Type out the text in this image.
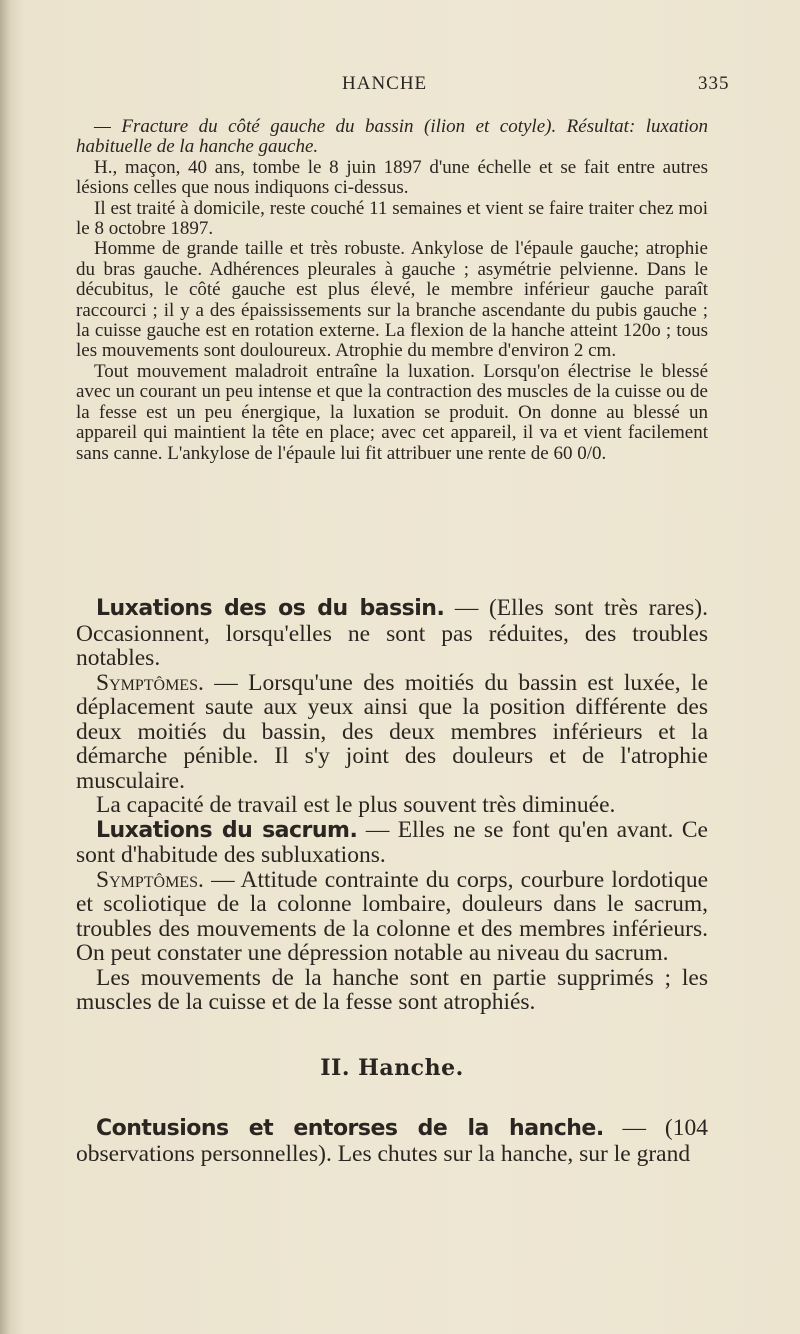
HANCHE	335

— Fracture du côté gauche du bassin (ilion et cotyle). Résultat: luxation habituelle de la hanche gauche.

H., maçon, 40 ans, tombe le 8 juin 1897 d'une échelle et se fait entre autres lésions celles que nous indiquons ci-dessus.

Il est traité à domicile, reste couché 11 semaines et vient se faire traiter chez moi le 8 octobre 1897.

Homme de grande taille et très robuste. Ankylose de l'épaule gauche; atrophie du bras gauche. Adhérences pleurales à gauche ; asymétrie pelvienne. Dans le décubitus, le côté gauche est plus élevé, le membre inférieur gauche paraît raccourci ; il y a des épaississements sur la branche ascendante du pubis gauche ; la cuisse gauche est en rotation externe. La flexion de la hanche atteint 120o ; tous les mouvements sont douloureux. Atrophie du membre d'environ 2 cm.

Tout mouvement maladroit entraîne la luxation. Lorsqu'on électrise le blessé avec un courant un peu intense et que la contraction des muscles de la cuisse ou de la fesse est un peu énergique, la luxation se produit. On donne au blessé un appareil qui maintient la tête en place; avec cet appareil, il va et vient facilement sans canne. L'ankylose de l'épaule lui fit attribuer une rente de 60 0/0.

Luxations des os du bassin. — (Elles sont très rares). Occasionnent, lorsqu'elles ne sont pas réduites, des troubles notables.

Symptômes. — Lorsqu'une des moitiés du bassin est luxée, le déplacement saute aux yeux ainsi que la position différente des deux moitiés du bassin, des deux membres inférieurs et la démarche pénible. Il s'y joint des douleurs et de l'atrophie musculaire.

La capacité de travail est le plus souvent très diminuée.

Luxations du sacrum. — Elles ne se font qu'en avant. Ce sont d'habitude des subluxations.

Symptômes. — Attitude contrainte du corps, courbure lordotique et scoliotique de la colonne lombaire, douleurs dans le sacrum, troubles des mouvements de la colonne et des membres inférieurs. On peut constater une dépression notable au niveau du sacrum.

Les mouvements de la hanche sont en partie supprimés ; les muscles de la cuisse et de la fesse sont atrophiés.

II. Hanche.

Contusions et entorses de la hanche. — (104 observations personnelles). Les chutes sur la hanche, sur le grand
